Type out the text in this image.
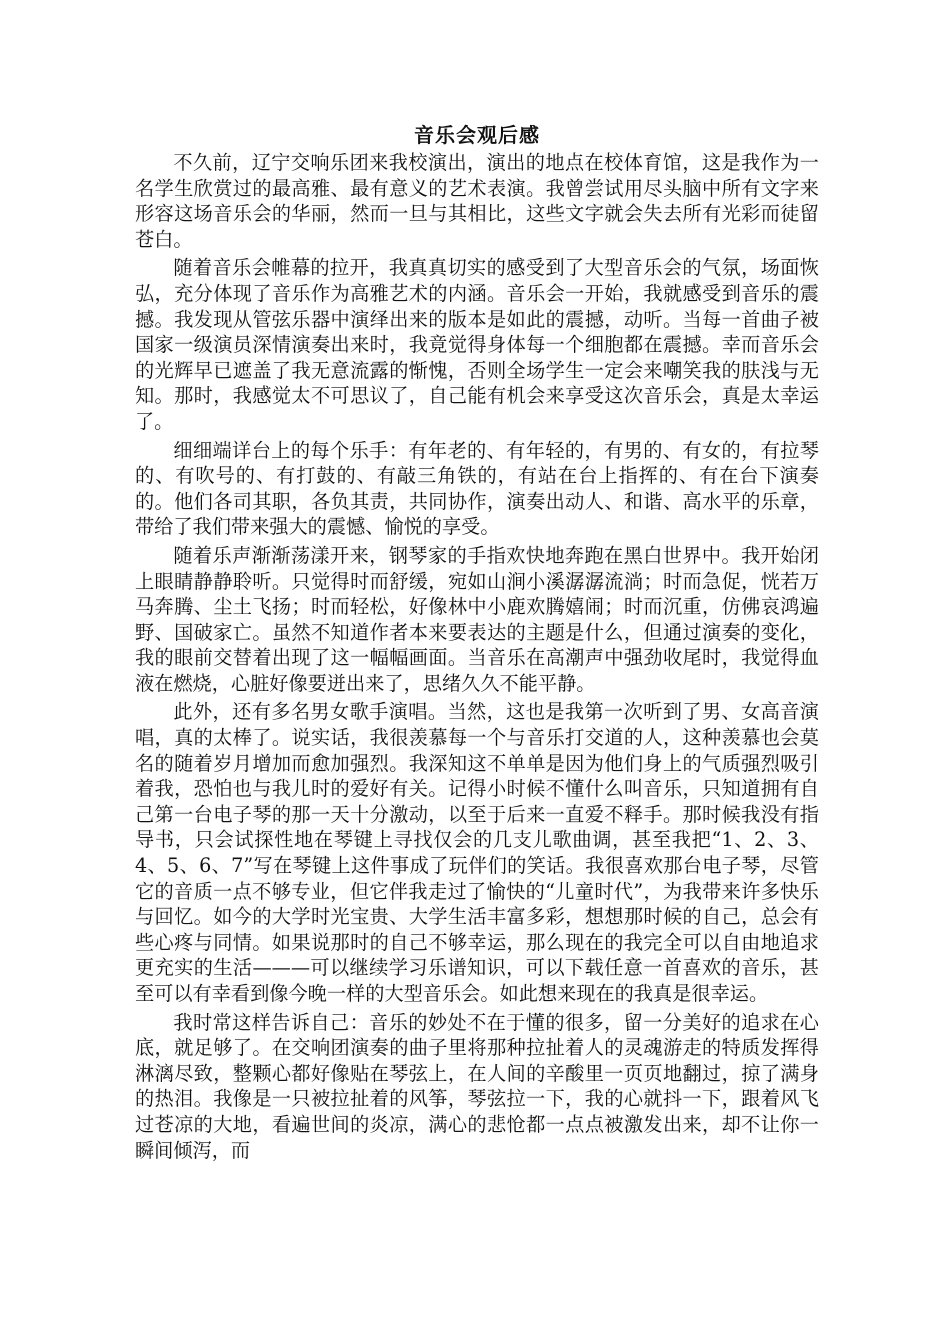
音乐会观后感

不久前，辽宁交响乐团来我校演出，演出的地点在校体育馆，这是我作为一名学生欣赏过的最高雅、最有意义的艺术表演。我曾尝试用尽头脑中所有文字来形容这场音乐会的华丽，然而一旦与其相比，这些文字就会失去所有光彩而徒留苍白。

随着音乐会帷幕的拉开，我真真切实的感受到了大型音乐会的气氛，场面恢弘，充分体现了音乐作为高雅艺术的内涵。音乐会一开始，我就感受到音乐的震撼。我发现从管弦乐器中演绎出来的版本是如此的震撼，动听。当每一首曲子被国家一级演员深情演奏出来时，我竟觉得身体每一个细胞都在震撼。幸而音乐会的光辉早已遮盖了我无意流露的惭愧，否则全场学生一定会来嘲笑我的肤浅与无知。那时，我感觉太不可思议了，自己能有机会来享受这次音乐会，真是太幸运了。

细细端详台上的每个乐手：有年老的、有年轻的，有男的、有女的，有拉琴的、有吹号的、有打鼓的、有敲三角铁的，有站在台上指挥的、有在台下演奏的。他们各司其职，各负其责，共同协作，演奏出动人、和谐、高水平的乐章，带给了我们带来强大的震憾、愉悦的享受。

随着乐声渐渐荡漾开来，钢琴家的手指欢快地奔跑在黑白世界中。我开始闭上眼睛静静聆听。只觉得时而舒缓，宛如山涧小溪潺潺流淌；时而急促，恍若万马奔腾、尘土飞扬；时而轻松，好像林中小鹿欢腾嬉闹；时而沉重，仿佛哀鸿遍野、国破家亡。虽然不知道作者本来要表达的主题是什么，但通过演奏的变化，我的眼前交替着出现了这一幅幅画面。当音乐在高潮声中强劲收尾时，我觉得血液在燃烧，心脏好像要迸出来了，思绪久久不能平静。

此外，还有多名男女歌手演唱。当然，这也是我第一次听到了男、女高音演唱，真的太棒了。说实话，我很羡慕每一个与音乐打交道的人，这种羡慕也会莫名的随着岁月增加而愈加强烈。我深知这不单单是因为他们身上的气质强烈吸引着我，恐怕也与我儿时的爱好有关。记得小时候不懂什么叫音乐，只知道拥有自己第一台电子琴的那一天十分激动，以至于后来一直爱不释手。那时候我没有指导书，只会试探性地在琴键上寻找仅会的几支儿歌曲调，甚至我把“1、2、3、4、5、6、7”写在琴键上这件事成了玩伴们的笑话。我很喜欢那台电子琴，尽管它的音质一点不够专业，但它伴我走过了愉快的“儿童时代”，为我带来许多快乐与回忆。如今的大学时光宝贵、大学生活丰富多彩，想想那时候的自己，总会有些心疼与同情。如果说那时的自己不够幸运，那么现在的我完全可以自由地追求更充实的生活———可以继续学习乐谱知识，可以下载任意一首喜欢的音乐，甚至可以有幸看到像今晚一样的大型音乐会。如此想来现在的我真是很幸运。

我时常这样告诉自己：音乐的妙处不在于懂的很多，留一分美好的追求在心底，就足够了。在交响团演奏的曲子里将那种拉扯着人的灵魂游走的特质发挥得淋漓尽致，整颗心都好像贴在琴弦上，在人间的辛酸里一页页地翻过，掠了满身的热泪。我像是一只被拉扯着的风筝，琴弦拉一下，我的心就抖一下，跟着风飞过苍凉的大地，看遍世间的炎凉，满心的悲怆都一点点被激发出来，却不让你一瞬间倾泻，而
